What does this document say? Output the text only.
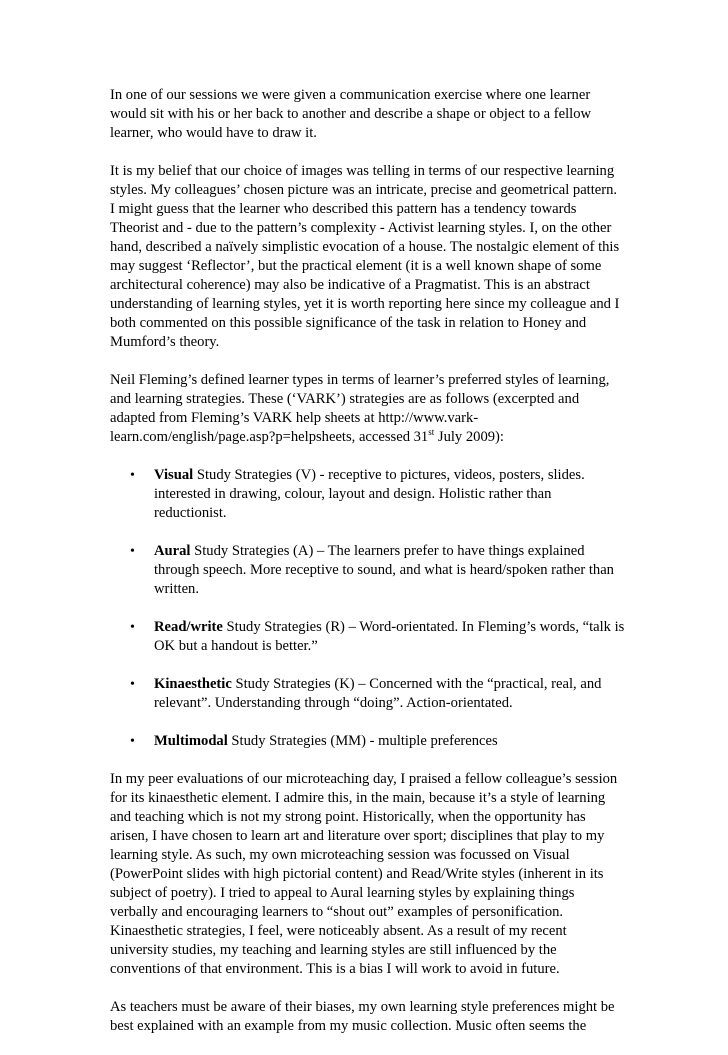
In one of our sessions we were given a communication exercise where one learner would sit with his or her back to another and describe a shape or object to a fellow learner, who would have to draw it.

It is my belief that our choice of images was telling in terms of our respective learning styles. My colleagues’ chosen picture was an intricate, precise and geometrical pattern. I might guess that the learner who described this pattern has a tendency towards Theorist and - due to the pattern’s complexity - Activist learning styles. I, on the other hand, described a naïvely simplistic evocation of a house. The nostalgic element of this may suggest ‘Reflector’, but the practical element (it is a well known shape of some architectural coherence) may also be indicative of a Pragmatist. This is an abstract understanding of learning styles, yet it is worth reporting here since my colleague and I both commented on this possible significance of the task in relation to Honey and Mumford’s theory.

Neil Fleming’s defined learner types in terms of learner’s preferred styles of learning, and learning strategies. These (‘VARK’) strategies are as follows (excerpted and adapted from Fleming’s VARK help sheets at http://www.vark-learn.com/english/page.asp?p=helpsheets, accessed 31st July 2009):

• Visual Study Strategies (V) - receptive to pictures, videos, posters, slides. interested in drawing, colour, layout and design. Holistic rather than reductionist.
• Aural Study Strategies (A) – The learners prefer to have things explained through speech. More receptive to sound, and what is heard/spoken rather than written.
• Read/write Study Strategies (R) – Word-orientated. In Fleming’s words, “talk is OK but a handout is better.”
• Kinaesthetic Study Strategies (K) – Concerned with the “practical, real, and relevant”. Understanding through “doing”. Action-orientated.
• Multimodal Study Strategies (MM) - multiple preferences

In my peer evaluations of our microteaching day, I praised a fellow colleague’s session for its kinaesthetic element. I admire this, in the main, because it’s a style of learning and teaching which is not my strong point. Historically, when the opportunity has arisen, I have chosen to learn art and literature over sport; disciplines that play to my learning style. As such, my own microteaching session was focussed on Visual (PowerPoint slides with high pictorial content) and Read/Write styles (inherent in its subject of poetry). I tried to appeal to Aural learning styles by explaining things verbally and encouraging learners to “shout out” examples of personification. Kinaesthetic strategies, I feel, were noticeably absent. As a result of my recent university studies, my teaching and learning styles are still influenced by the conventions of that environment. This is a bias I will work to avoid in future.

As teachers must be aware of their biases, my own learning style preferences might be best explained with an example from my music collection. Music often seems the
